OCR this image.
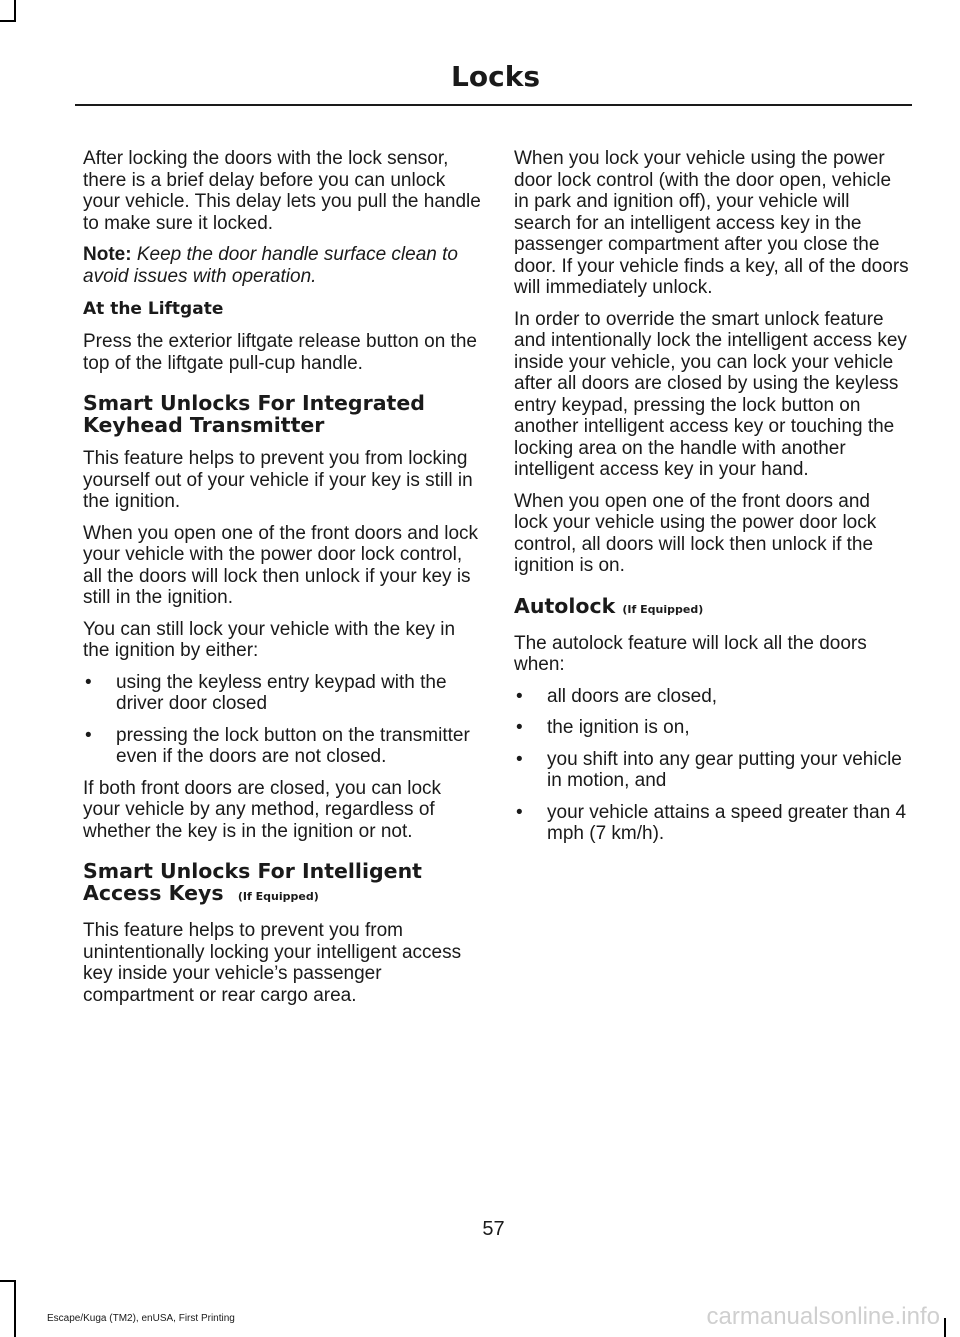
Locks

After locking the doors with the lock sensor, there is a brief delay before you can unlock your vehicle. This delay lets you pull the handle to make sure it locked.

Note: Keep the door handle surface clean to avoid issues with operation.

At the Liftgate

Press the exterior liftgate release button on the top of the liftgate pull-cup handle.

Smart Unlocks For Integrated Keyhead Transmitter

This feature helps to prevent you from locking yourself out of your vehicle if your key is still in the ignition.

When you open one of the front doors and lock your vehicle with the power door lock control, all the doors will lock then unlock if your key is still in the ignition.

You can still lock your vehicle with the key in the ignition by either:

• using the keyless entry keypad with the driver door closed
• pressing the lock button on the transmitter even if the doors are not closed.

If both front doors are closed, you can lock your vehicle by any method, regardless of whether the key is in the ignition or not.

Smart Unlocks For Intelligent Access Keys (If Equipped)

This feature helps to prevent you from unintentionally locking your intelligent access key inside your vehicle’s passenger compartment or rear cargo area.

When you lock your vehicle using the power door lock control (with the door open, vehicle in park and ignition off), your vehicle will search for an intelligent access key in the passenger compartment after you close the door. If your vehicle finds a key, all of the doors will immediately unlock.

In order to override the smart unlock feature and intentionally lock the intelligent access key inside your vehicle, you can lock your vehicle after all doors are closed by using the keyless entry keypad, pressing the lock button on another intelligent access key or touching the locking area on the handle with another intelligent access key in your hand.

When you open one of the front doors and lock your vehicle using the power door lock control, all doors will lock then unlock if the ignition is on.

Autolock (If Equipped)

The autolock feature will lock all the doors when:

• all doors are closed,
• the ignition is on,
• you shift into any gear putting your vehicle in motion, and
• your vehicle attains a speed greater than 4 mph (7 km/h).
57
Escape/Kuga (TM2), enUSA, First Printing	carmanualsonline.info
